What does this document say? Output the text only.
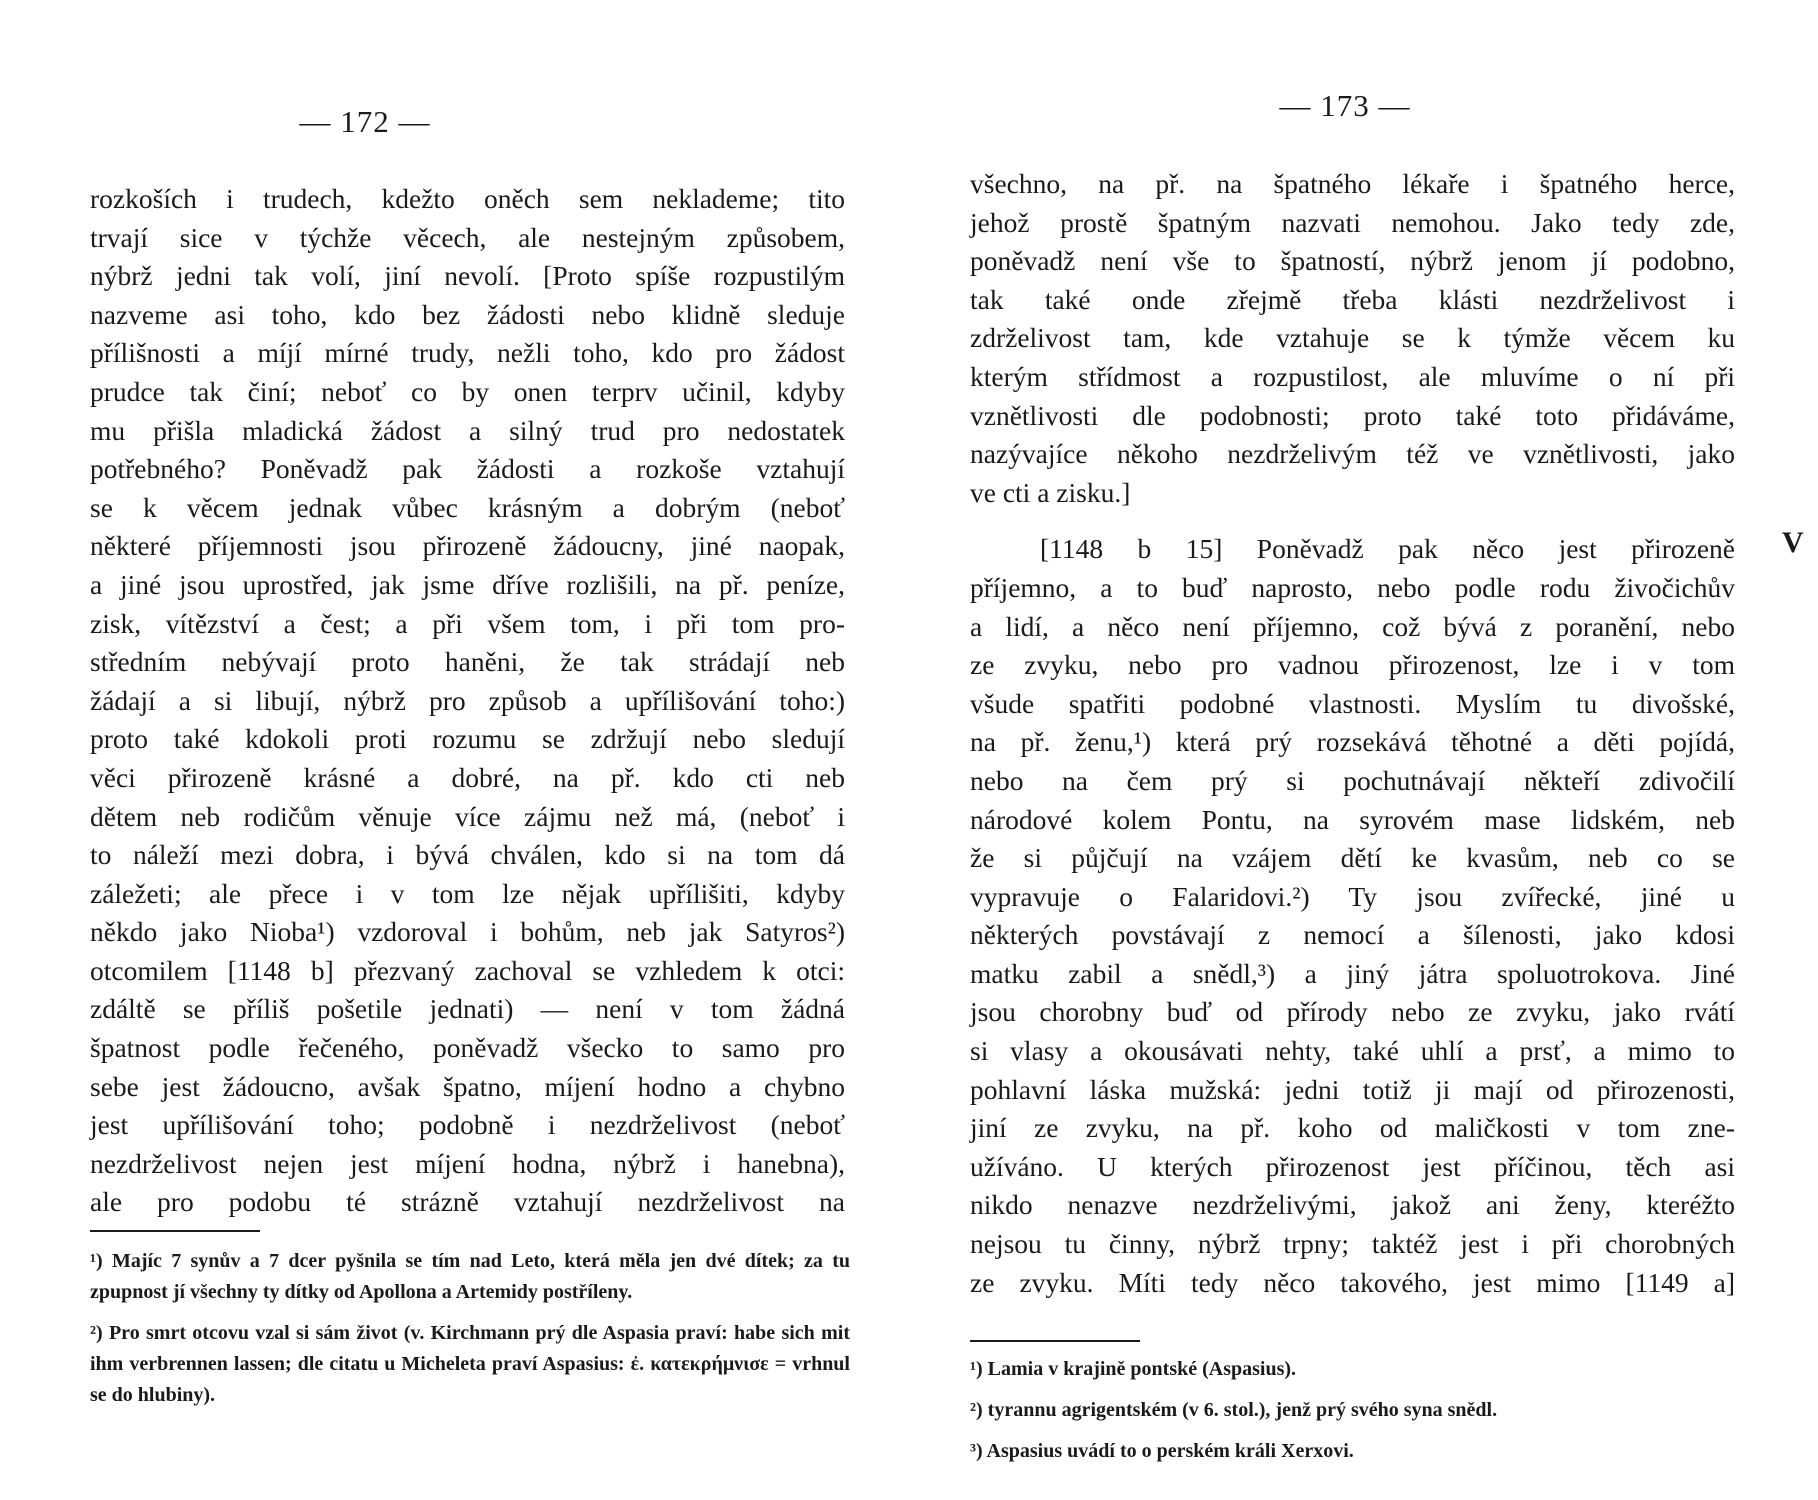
— 172 —

rozkoších i trudech, kdežto oněch sem neklademe; tito

trvají sice v týchže věcech, ale nestejným způsobem,

nýbrž jedni tak volí, jiní nevolí. [Proto spíše rozpustilým

nazveme asi toho, kdo bez žádosti nebo klidně sleduje

přílišnosti a míjí mírné trudy, nežli toho, kdo pro žádost

prudce tak činí; neboť co by onen terprv učinil, kdyby

mu přišla mladická žádost a silný trud pro nedostatek

potřebného? Poněvadž pak žádosti a rozkoše vztahují

se k věcem jednak vůbec krásným a dobrým (neboť

některé příjemnosti jsou přirozeně žádoucny, jiné naopak,

a jiné jsou uprostřed, jak jsme dříve rozlišili, na př. peníze,

zisk, vítězství a čest; a při všem tom, i při tom pro-

středním nebývají proto haněni, že tak strádají neb

žádají a si libují, nýbrž pro způsob a upřílišování toho:)

proto také kdokoli proti rozumu se zdržují nebo sledují

věci přirozeně krásné a dobré, na př. kdo cti neb

dětem neb rodičům věnuje více zájmu než má, (neboť i

to náleží mezi dobra, i bývá chválen, kdo si na tom dá

záležeti; ale přece i v tom lze nějak upřílišiti, kdyby

někdo jako Nioba¹) vzdoroval i bohům, neb jak Satyros²)

otcomilem [1148 b] přezvaný zachoval se vzhledem k otci:

zdáltě se příliš pošetile jednati) — není v tom žádná

špatnost podle řečeného, poněvadž všecko to samo pro

sebe jest žádoucno, avšak špatno, míjení hodno a chybno

jest upřílišování toho; podobně i nezdrželivost (neboť

nezdrželivost nejen jest míjení hodna, nýbrž i hanebna),

ale pro podobu té strázně vztahují nezdrželivost na

¹) Majíc 7 synův a 7 dcer pyšnila se tím nad Leto, která měla jen dvé dítek; za tu zpupnost jí všechny ty dítky od Apollona a Artemidy postříleny.

²) Pro smrt otcovu vzal si sám život (v. Kirchmann prý dle Aspasia praví: habe sich mit ihm verbrennen lassen; dle citatu u Micheleta praví Aspasius: ἐ. κατεκρήμνισε = vrhnul se do hlubiny).

— 173 —

všechno, na př. na špatného lékaře i špatného herce,

jehož prostě špatným nazvati nemohou. Jako tedy zde,

poněvadž není vše to špatností, nýbrž jenom jí podobno,

tak také onde zřejmě třeba klásti nezdrželivost i

zdrželivost tam, kde vztahuje se k týmže věcem ku

kterým střídmost a rozpustilost, ale mluvíme o ní při

vznětlivosti dle podobnosti; proto také toto přidáváme,

nazývajíce někoho nezdrželivým též ve vznětlivosti, jako

ve cti a zisku.]

[1148 b 15] Poněvadž pak něco jest přirozeně

příjemno, a to buď naprosto, nebo podle rodu živočichův

a lidí, a něco není příjemno, což bývá z poranění, nebo

ze zvyku, nebo pro vadnou přirozenost, lze i v tom

všude spatřiti podobné vlastnosti. Myslím tu divošské,

na př. ženu,¹) která prý rozsekává těhotné a děti pojídá,

nebo na čem prý si pochutnávají někteří zdivočilí

národové kolem Pontu, na syrovém mase lidském, neb

že si půjčují na vzájem dětí ke kvasům, neb co se

vypravuje o Falaridovi.²) Ty jsou zvířecké, jiné u

některých povstávají z nemocí a šílenosti, jako kdosi

matku zabil a snědl,³) a jiný játra spoluotrokova. Jiné

jsou chorobny buď od přírody nebo ze zvyku, jako rvátí

si vlasy a okousávati nehty, také uhlí a prsť, a mimo to

pohlavní láska mužská: jedni totiž ji mají od přirozenosti,

jiní ze zvyku, na př. koho od maličkosti v tom zne-

užíváno. U kterých přirozenost jest příčinou, těch asi

nikdo nenazve nezdrželivými, jakož ani ženy, kteréžto

nejsou tu činny, nýbrž trpny; taktéž jest i při chorobných

ze zvyku. Míti tedy něco takového, jest mimo [1149 a]

¹) Lamia v krajině pontské (Aspasius).

²) tyrannu agrigentském (v 6. stol.), jenž prý svého syna snědl.

³) Aspasius uvádí to o perském králi Xerxovi.

V
